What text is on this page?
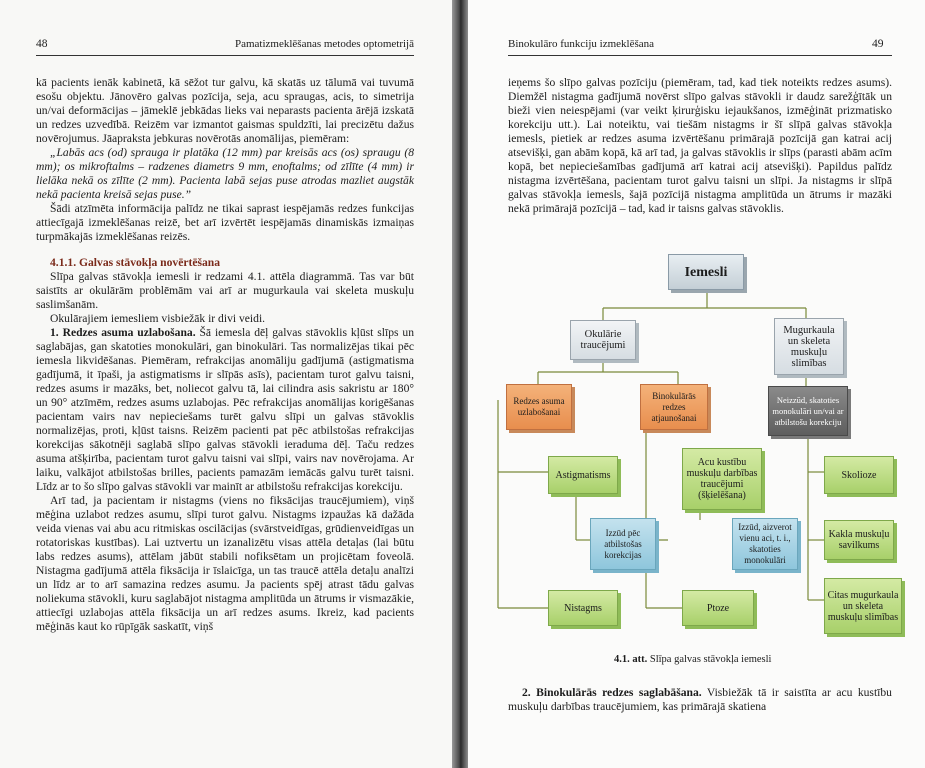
48	Pamatizmeklēšanas metodes optometrijā

kā pacients ienāk kabinetā, kā sēžot tur galvu, kā skatās uz tālumā vai tuvumā esošu objektu. Jānovēro galvas pozīcija, seja, acu spraugas, acis, to simetrija un/vai deformācijas – jāmeklē jebkādas lieks vai neparasts pacienta ārējā izskatā un redzes uzvedībā. Reizēm var izmantot gaismas spuldzīti, lai precizētu dažus novērojumus. Jāapraksta jebkuras novērotās anomālijas, piemēram:

„Labās acs (od) sprauga ir platāka (12 mm) par kreisās acs (os) spraugu (8 mm); os mikroftalms – radzenes diametrs 9 mm, enoftalms; od zīlīte (4 mm) ir lielāka nekā os zīlīte (2 mm). Pacienta labā sejas puse atrodas mazliet augstāk nekā pacienta kreisā sejas puse.”

Šādi atzīmēta informācija palīdz ne tikai saprast iespējamās redzes funkcijas attiecīgajā izmeklēšanas reizē, bet arī izvērtēt iespējamās dinamiskās izmaiņas turpmākajās izmeklēšanas reizēs.

4.1.1. Galvas stāvokļa novērtēšana

Slīpa galvas stāvokļa iemesli ir redzami 4.1. attēla diagrammā. Tas var būt saistīts ar okulārām problēmām vai arī ar mugurkaula vai skeleta muskuļu saslimšanām.

Okulārajiem iemesliem visbiežāk ir divi veidi.

1. Redzes asuma uzlabošana. Šā iemesla dēļ galvas stāvoklis kļūst slīps un saglabājas, gan skatoties monokulāri, gan binokulāri. Tas normalizējas tikai pēc iemesla likvidēšanas. Piemēram, refrakcijas anomāliju gadījumā (astigmatisma gadījumā, it īpaši, ja astigmatisms ir slīpās asīs), pacientam turot galvu taisni, redzes asums ir mazāks, bet, noliecot galvu tā, lai cilindra asis sakristu ar 180° un 90° atzīmēm, redzes asums uzlabojas. Pēc refrakcijas anomālijas korigēšanas pacientam vairs nav nepieciešams turēt galvu slīpi un galvas stāvoklis normalizējas, proti, kļūst taisns. Reizēm pacienti pat pēc atbilstošas refrakcijas korekcijas sākotnēji saglabā slīpo galvas stāvokli ieraduma dēļ. Taču redzes asuma atšķirība, pacientam turot galvu taisni vai slīpi, vairs nav novērojama. Ar laiku, valkājot atbilstošas brilles, pacients pamazām iemācās galvu turēt taisni. Līdz ar to šo slīpo galvas stāvokli var mainīt ar atbilstošu refrakcijas korekciju.

Arī tad, ja pacientam ir nistagms (viens no fiksācijas traucējumiem), viņš mēģina uzlabot redzes asumu, slīpi turot galvu. Nistagms izpaužas kā dažāda veida vienas vai abu acu ritmiskas oscilācijas (svārstveidīgas, grūdienveidīgas un rotatoriskas kustības). Lai uztvertu un izanalizētu visas attēla detaļas (lai būtu labs redzes asums), attēlam jābūt stabili nofiksētam un projicētam foveolā. Nistagma gadījumā attēla fiksācija ir īslaicīga, un tas traucē attēla detaļu analīzi un līdz ar to arī samazina redzes asumu. Ja pacients spēj atrast tādu galvas noliekuma stāvokli, kuru saglabājot nistagma amplitūda un ātrums ir vismazākie, attiecīgi uzlabojas attēla fiksācija un arī redzes asums. Ikreiz, kad pacients mēģinās kaut ko rūpīgāk saskatīt, viņš

Binokulāro funkciju izmeklēšana	49

ieņems šo slīpo galvas pozīciju (piemēram, tad, kad tiek noteikts redzes asums). Diemžēl nistagma gadījumā novērst slīpo galvas stāvokli ir daudz sarežģītāk un bieži vien neiespējami (var veikt ķirurģisku iejaukšanos, izmēģināt prizmatisko korekciju utt.). Lai noteiktu, vai tiešām nistagms ir šī slīpā galvas stāvokļa iemesls, pietiek ar redzes asuma izvērtēšanu primārajā pozīcijā gan katrai acij atsevišķi, gan abām kopā, kā arī tad, ja galvas stāvoklis ir slīps (parasti abām acīm kopā, bet nepieciešamības gadījumā arī katrai acij atsevišķi). Papildus palīdz nistagma izvērtēšana, pacientam turot galvu taisni un slīpi. Ja nistagms ir slīpā galvas stāvokļa iemesls, šajā pozīcijā nistagma amplitūda un ātrums ir mazāki nekā primārajā pozīcijā – tad, kad ir taisns galvas stāvoklis.

Iemesli
Okulārie traucējumi
Mugurkaula un skeleta muskuļu slimības
Redzes asuma uzlabošanai
Binokulārās redzes atjaunošanai
Neizzūd, skatoties monokulāri un/vai ar atbilstošu korekciju
Astigmatisms
Acu kustību muskuļu darbības traucējumi (šķielēšana)
Skolioze
Izzūd pēc atbilstošas korekcijas
Izzūd, aizverot vienu aci, t. i., skatoties monokulāri
Kakla muskuļu savilkums
Nistagms	Ptoze
Citas mugurkaula un skeleta muskuļu slimības
4.1. att. Slīpa galvas stāvokļa iemesli

2. Binokulārās redzes saglabāšana. Visbiežāk tā ir saistīta ar acu kustību muskuļu darbības traucējumiem, kas primārajā skatiena
